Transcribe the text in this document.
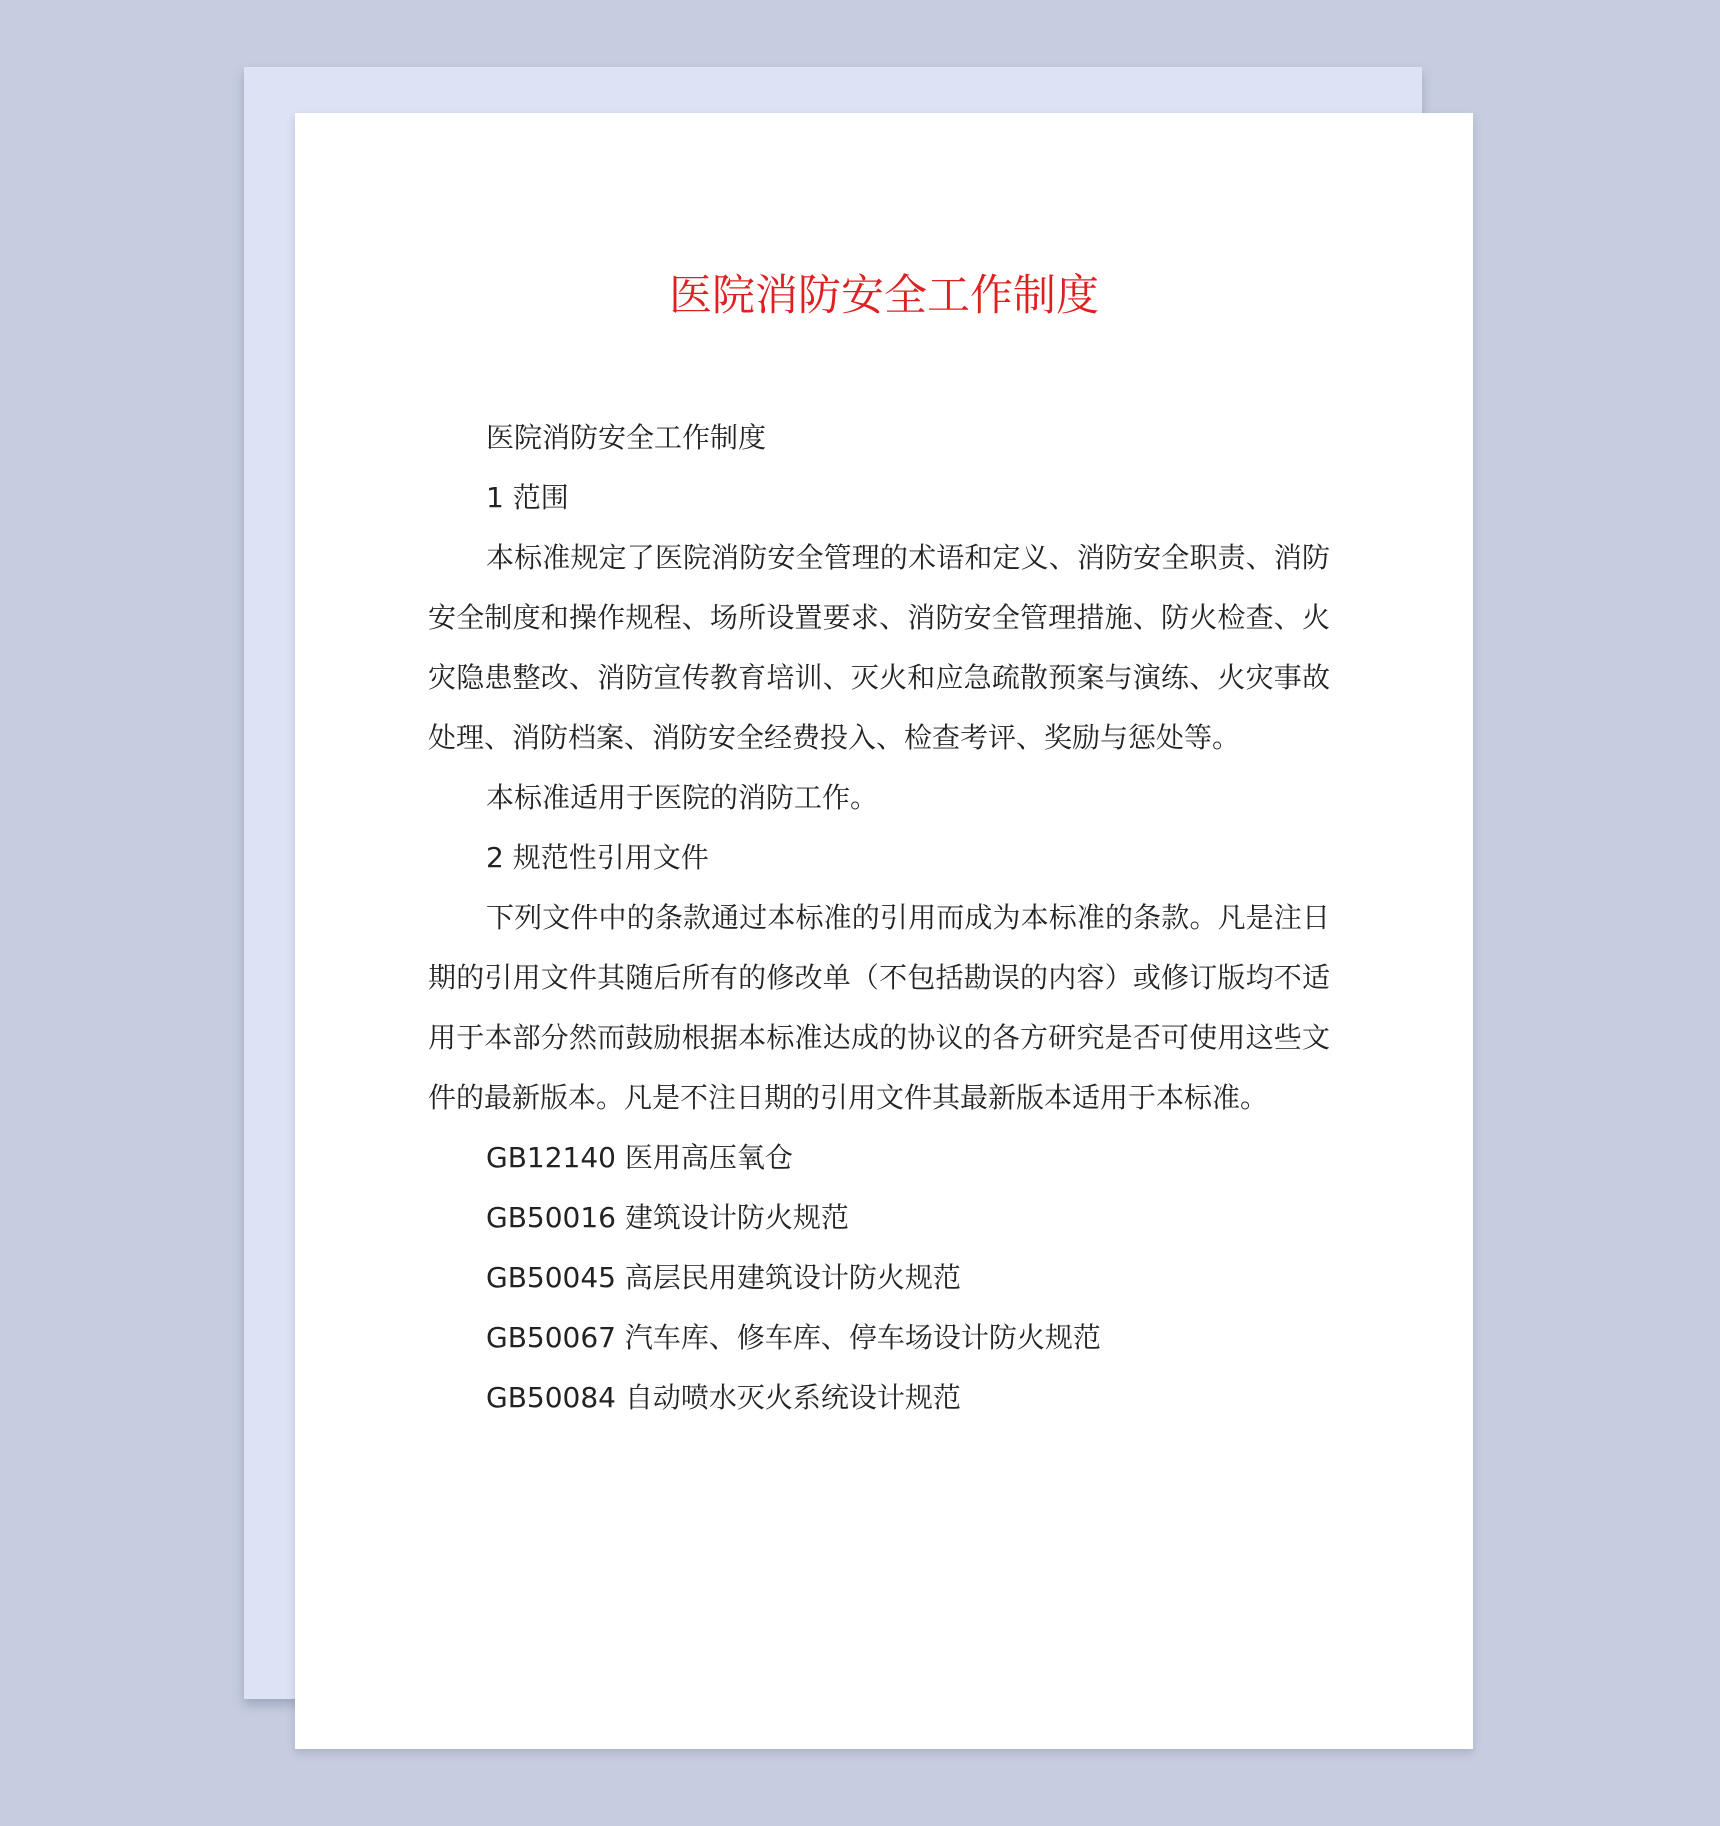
医院消防安全工作制度

医院消防安全工作制度

1 范围

本标准规定了医院消防安全管理的术语和定义、消防安全职责、消防安全制度和操作规程、场所设置要求、消防安全管理措施、防火检查、火灾隐患整改、消防宣传教育培训、灭火和应急疏散预案与演练、火灾事故处理、消防档案、消防安全经费投入、检查考评、奖励与惩处等。

本标准适用于医院的消防工作。

2 规范性引用文件

下列文件中的条款通过本标准的引用而成为本标准的条款。凡是注日期的引用文件其随后所有的修改单（不包括勘误的内容）或修订版均不适用于本部分然而鼓励根据本标准达成的协议的各方研究是否可使用这些文件的最新版本。凡是不注日期的引用文件其最新版本适用于本标准。

GB12140 医用高压氧仓

GB50016 建筑设计防火规范

GB50045 高层民用建筑设计防火规范

GB50067 汽车库、修车库、停车场设计防火规范

GB50084 自动喷水灭火系统设计规范
